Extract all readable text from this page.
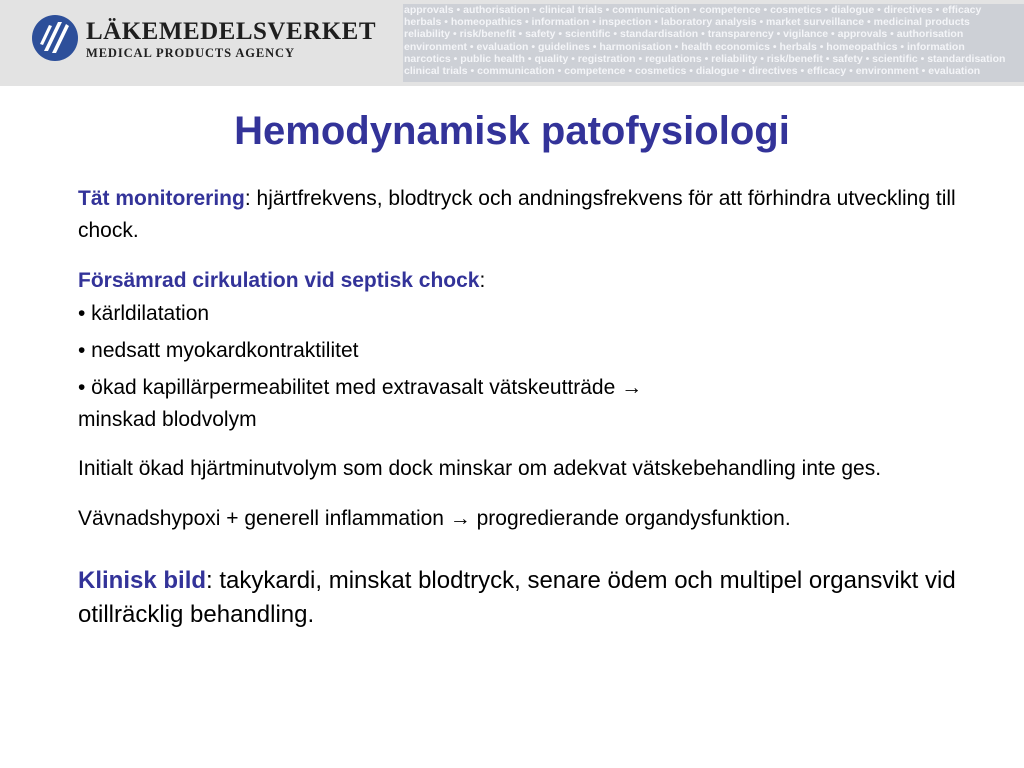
LÄKEMEDELSVERKET
MEDICAL PRODUCTS AGENCY
approvals • authorisation • clinical trials • communication • competence • cosmetics • dialogue • directives • efficacy
herbals • homeopathics • information • inspection • laboratory analysis • market surveillance • medicinal products
reliability • risk/benefit • safety • scientific • standardisation • transparency • vigilance • approvals • authorisation
environment • evaluation • guidelines • harmonisation • health economics • herbals • homeopathics • information
narcotics • public health • quality • registration • regulations • reliability • risk/benefit • safety • scientific • standardisation
clinical trials • communication • competence • cosmetics • dialogue • directives • efficacy • environment • evaluation
Hemodynamisk patofysiologi

Tät monitorering: hjärtfrekvens, blodtryck och andningsfrekvens för att förhindra utveckling till chock.

Försämrad cirkulation vid septisk chock:

• kärldilatation

• nedsatt myokardkontraktilitet

• ökad kapillärpermeabilitet med extravasalt vätskeutträde →
minskad blodvolym

Initialt ökad hjärtminutvolym som dock minskar om adekvat vätskebehandling inte ges.

Vävnadshypoxi + generell inflammation → progredierande organdysfunktion.

Klinisk bild: takykardi, minskat blodtryck, senare ödem och multipel organsvikt vid otillräcklig behandling.
